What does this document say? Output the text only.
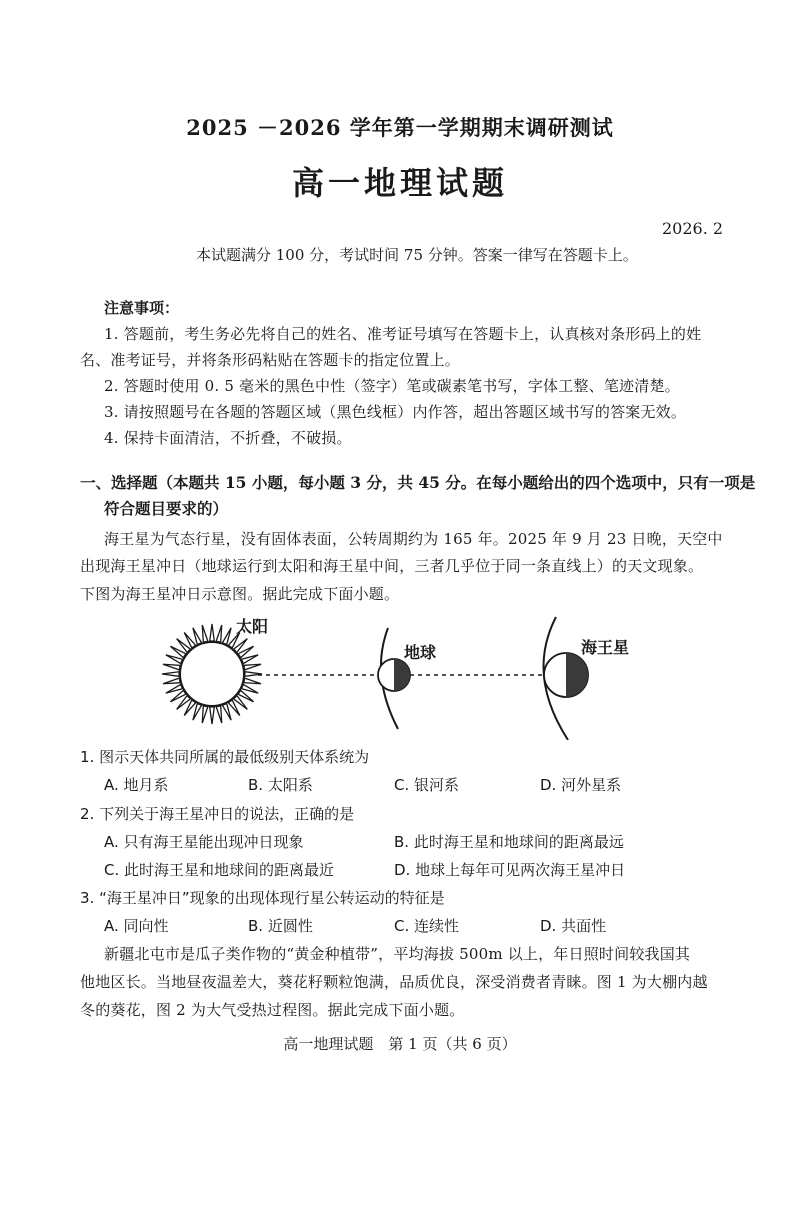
2025 －2026 学年第一学期期末调研测试
高一地理试题
2026. 2
本试题满分 100 分，考试时间 75 分钟。答案一律写在答题卡上。
注意事项：
1. 答题前，考生务必先将自己的姓名、准考证号填写在答题卡上，认真核对条形码上的姓
名、准考证号，并将条形码粘贴在答题卡的指定位置上。
2. 答题时使用 0. 5 毫米的黑色中性（签字）笔或碳素笔书写，字体工整、笔迹清楚。
3. 请按照题号在各题的答题区域（黑色线框）内作答，超出答题区域书写的答案无效。
4. 保持卡面清洁，不折叠，不破损。
一、选择题（本题共 15 小题，每小题 3 分，共 45 分。在每小题给出的四个选项中，只有一项是
符合题目要求的）
海王星为气态行星，没有固体表面，公转周期约为 165 年。2025 年 9 月 23 日晚，天空中
出现海王星冲日（地球运行到太阳和海王星中间，三者几乎位于同一条直线上）的天文现象。
下图为海王星冲日示意图。据此完成下面小题。
太阳
地球	海王星
1. 图示天体共同所属的最低级别天体系统为
A. 地月系	B. 太阳系	C. 银河系	D. 河外星系
2. 下列关于海王星冲日的说法，正确的是
A. 只有海王星能出现冲日现象	B. 此时海王星和地球间的距离最远
C. 此时海王星和地球间的距离最近	D. 地球上每年可见两次海王星冲日
3. “海王星冲日”现象的出现体现行星公转运动的特征是
A. 同向性	B. 近圆性	C. 连续性	D. 共面性
新疆北屯市是瓜子类作物的“黄金种植带”，平均海拔 500m 以上，年日照时间较我国其
他地区长。当地昼夜温差大，葵花籽颗粒饱满，品质优良，深受消费者青睐。图 1 为大棚内越
冬的葵花，图 2 为大气受热过程图。据此完成下面小题。
高一地理试题　第 1 页（共 6 页）
